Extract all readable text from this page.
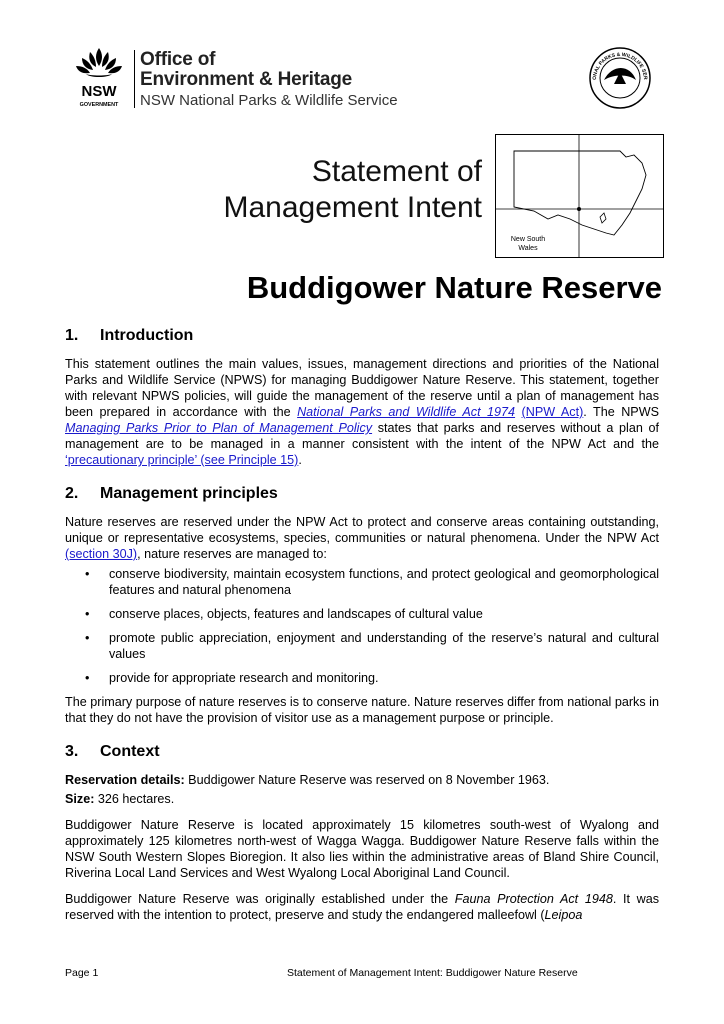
NSW
GOVERNMENT
Office of
Environment & Heritage
NSW National Parks & Wildlife Service
ONAL PARKS & WILDLIFE SER
Statement of
Management Intent
New South Wales
Buddigower Nature Reserve
1. Introduction

This statement outlines the main values, issues, management directions and priorities of the National Parks and Wildlife Service (NPWS) for managing Buddigower Nature Reserve. This statement, together with relevant NPWS policies, will guide the management of the reserve until a plan of management has been prepared in accordance with the National Parks and Wildlife Act 1974 (NPW Act). The NPWS Managing Parks Prior to Plan of Management Policy states that parks and reserves without a plan of management are to be managed in a manner consistent with the intent of the NPW Act and the ‘precautionary principle’ (see Principle 15).

2. Management principles

Nature reserves are reserved under the NPW Act to protect and conserve areas containing outstanding, unique or representative ecosystems, species, communities or natural phenomena. Under the NPW Act (section 30J), nature reserves are managed to:

• conserve biodiversity, maintain ecosystem functions, and protect geological and geomorphological features and natural phenomena
• conserve places, objects, features and landscapes of cultural value
• promote public appreciation, enjoyment and understanding of the reserve’s natural and cultural values
• provide for appropriate research and monitoring.

The primary purpose of nature reserves is to conserve nature. Nature reserves differ from national parks in that they do not have the provision of visitor use as a management purpose or principle.

3. Context

Reservation details: Buddigower Nature Reserve was reserved on 8 November 1963.

Size: 326 hectares.

Buddigower Nature Reserve is located approximately 15 kilometres south-west of Wyalong and approximately 125 kilometres north-west of Wagga Wagga. Buddigower Nature Reserve falls within the NSW South Western Slopes Bioregion. It also lies within the administrative areas of Bland Shire Council, Riverina Local Land Services and West Wyalong Local Aboriginal Land Council.

Buddigower Nature Reserve was originally established under the Fauna Protection Act 1948. It was reserved with the intention to protect, preserve and study the endangered malleefowl (Leipoa

Page 1	Statement of Management Intent: Buddigower Nature Reserve
